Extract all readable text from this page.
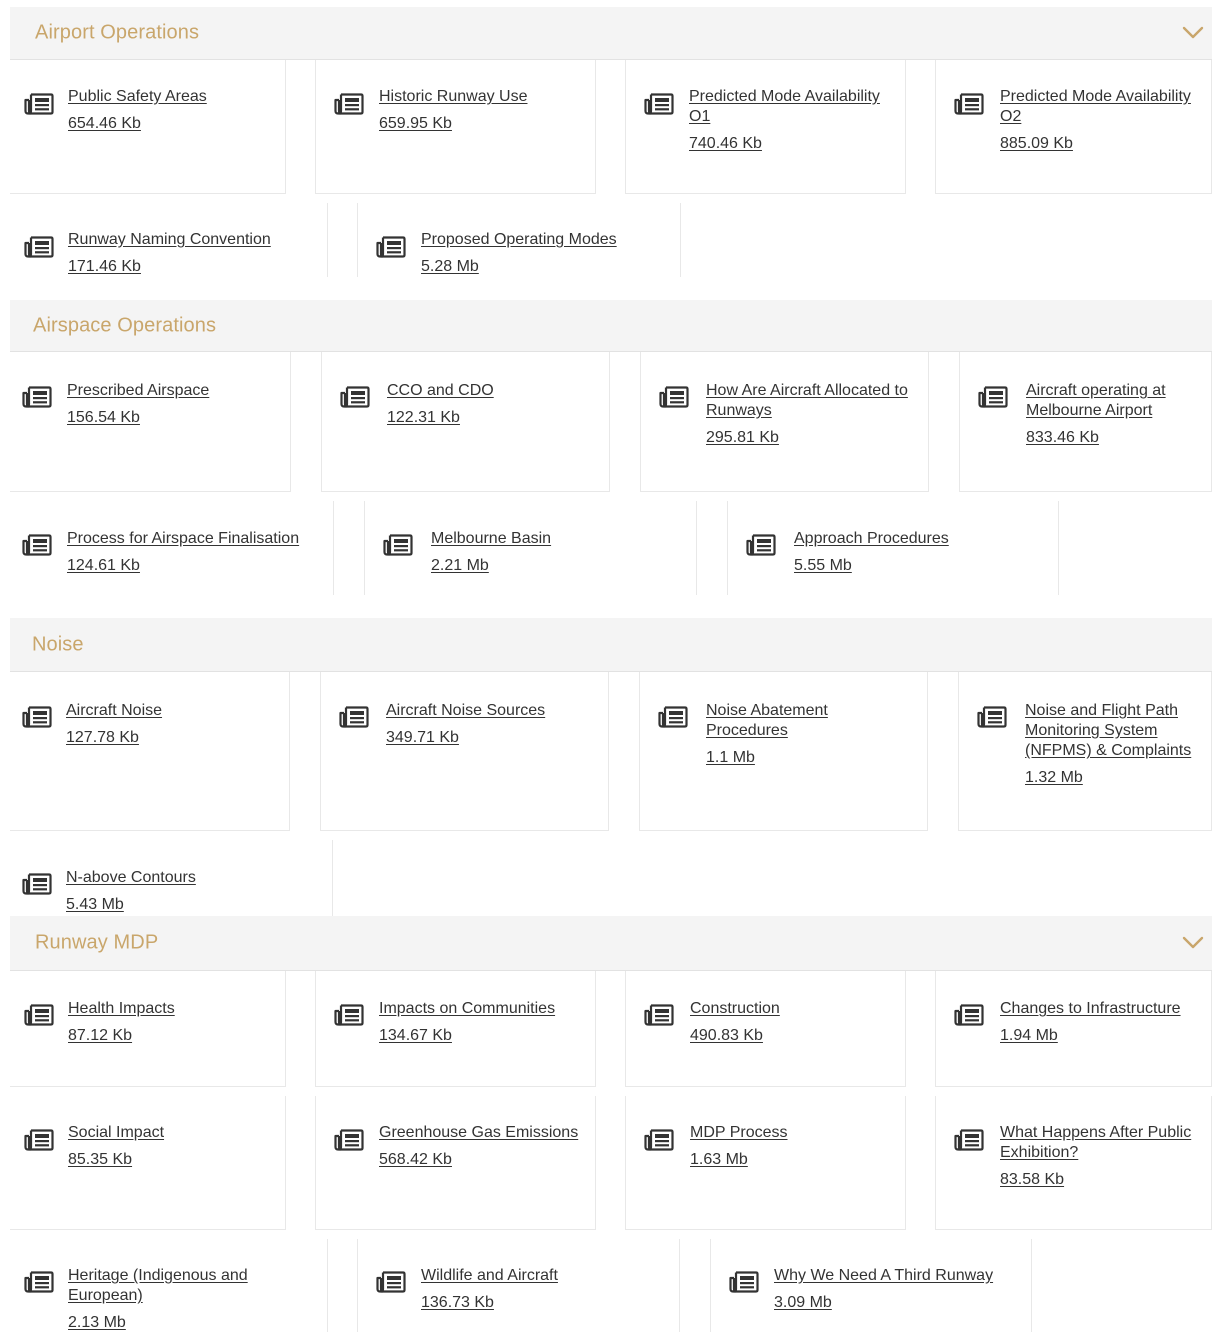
Airport Operations
Public Safety Areas
654.46 Kb
Historic Runway Use
659.95 Kb
Predicted Mode Availability O1
740.46 Kb
Predicted Mode Availability O2
885.09 Kb
Runway Naming Convention
171.46 Kb
Proposed Operating Modes
5.28 Mb
Airspace Operations
Prescribed Airspace
156.54 Kb
CCO and CDO
122.31 Kb
How Are Aircraft Allocated to Runways
295.81 Kb
Aircraft operating at Melbourne Airport
833.46 Kb
Process for Airspace Finalisation
124.61 Kb
Melbourne Basin
2.21 Mb
Approach Procedures
5.55 Mb
Noise
Aircraft Noise
127.78 Kb
Aircraft Noise Sources
349.71 Kb
Noise Abatement Procedures
1.1 Mb
Noise and Flight Path Monitoring System (NFPMS) & Complaints
1.32 Mb
N-above Contours
5.43 Mb
Runway MDP
Health Impacts
87.12 Kb
Impacts on Communities
134.67 Kb
Construction
490.83 Kb
Changes to Infrastructure
1.94 Mb
Social Impact
85.35 Kb
Greenhouse Gas Emissions
568.42 Kb
MDP Process
1.63 Mb
What Happens After Public Exhibition?
83.58 Kb
Heritage (Indigenous and European)
2.13 Mb
Wildlife and Aircraft
136.73 Kb
Why We Need A Third Runway
3.09 Mb
